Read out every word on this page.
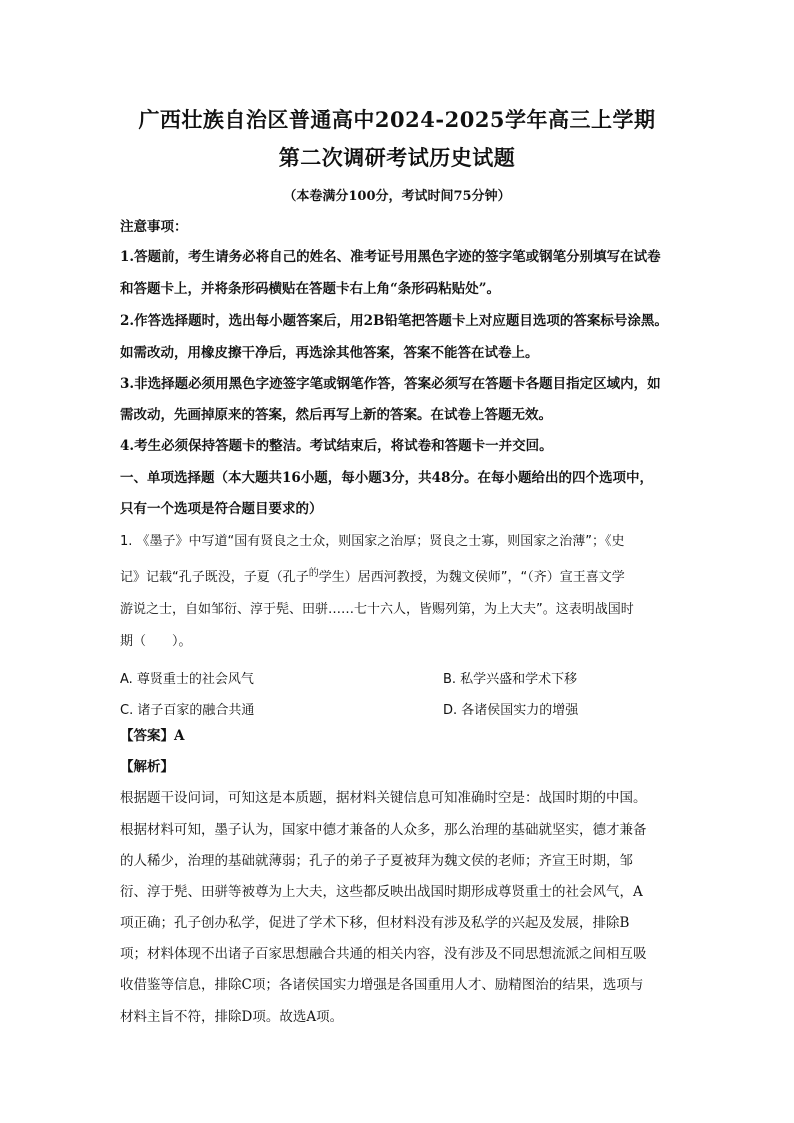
广西壮族自治区普通高中2024-2025学年高三上学期
第二次调研考试历史试题
（本卷满分100分，考试时间75分钟）
注意事项：
1.答题前，考生请务必将自己的姓名、准考证号用黑色字迹的签字笔或钢笔分别填写在试卷
和答题卡上，并将条形码横贴在答题卡右上角“条形码粘贴处”。
2.作答选择题时，选出每小题答案后，用2B铅笔把答题卡上对应题目选项的答案标号涂黑。
如需改动，用橡皮擦干净后，再选涂其他答案，答案不能答在试卷上。
3.非选择题必须用黑色字迹签字笔或钢笔作答，答案必须写在答题卡各题目指定区域内，如
需改动，先画掉原来的答案，然后再写上新的答案。在试卷上答题无效。
4.考生必须保持答题卡的整洁。考试结束后，将试卷和答题卡一并交回。
一、单项选择题（本大题共16小题，每小题3分，共48分。在每小题给出的四个选项中，
只有一个选项是符合题目要求的）
1. 《墨子》中写道“国有贤良之士众，则国家之治厚；贤良之士寡，则国家之治薄”；《史
记》记载“孔子既没，子夏（孔子$^的$学生）居西河教授，为魏文侯师”，“（齐）宣王喜文学
游说之士，自如邹衍、淳于髡、田骈……七十六人，皆赐列第，为上大夫”。这表明战国时
期（　　）。
A. 尊贤重士的社会风气	B. 私学兴盛和学术下移
C. 诸子百家的融合共通	D. 各诸侯国实力的增强
【答案】A
【解析】
根据题干设问词，可知这是本质题，据材料关键信息可知准确时空是：战国时期的中国。
根据材料可知，墨子认为，国家中德才兼备的人众多，那么治理的基础就坚实，德才兼备
的人稀少，治理的基础就薄弱；孔子的弟子子夏被拜为魏文侯的老师；齐宣王时期，邹
衍、淳于髡、田骈等被尊为上大夫，这些都反映出战国时期形成尊贤重士的社会风气，A
项正确；孔子创办私学，促进了学术下移，但材料没有涉及私学的兴起及发展，排除B
项；材料体现不出诸子百家思想融合共通的相关内容，没有涉及不同思想流派之间相互吸
收借鉴等信息，排除C项；各诸侯国实力增强是各国重用人才、励精图治的结果，选项与
材料主旨不符，排除D项。故选A项。
